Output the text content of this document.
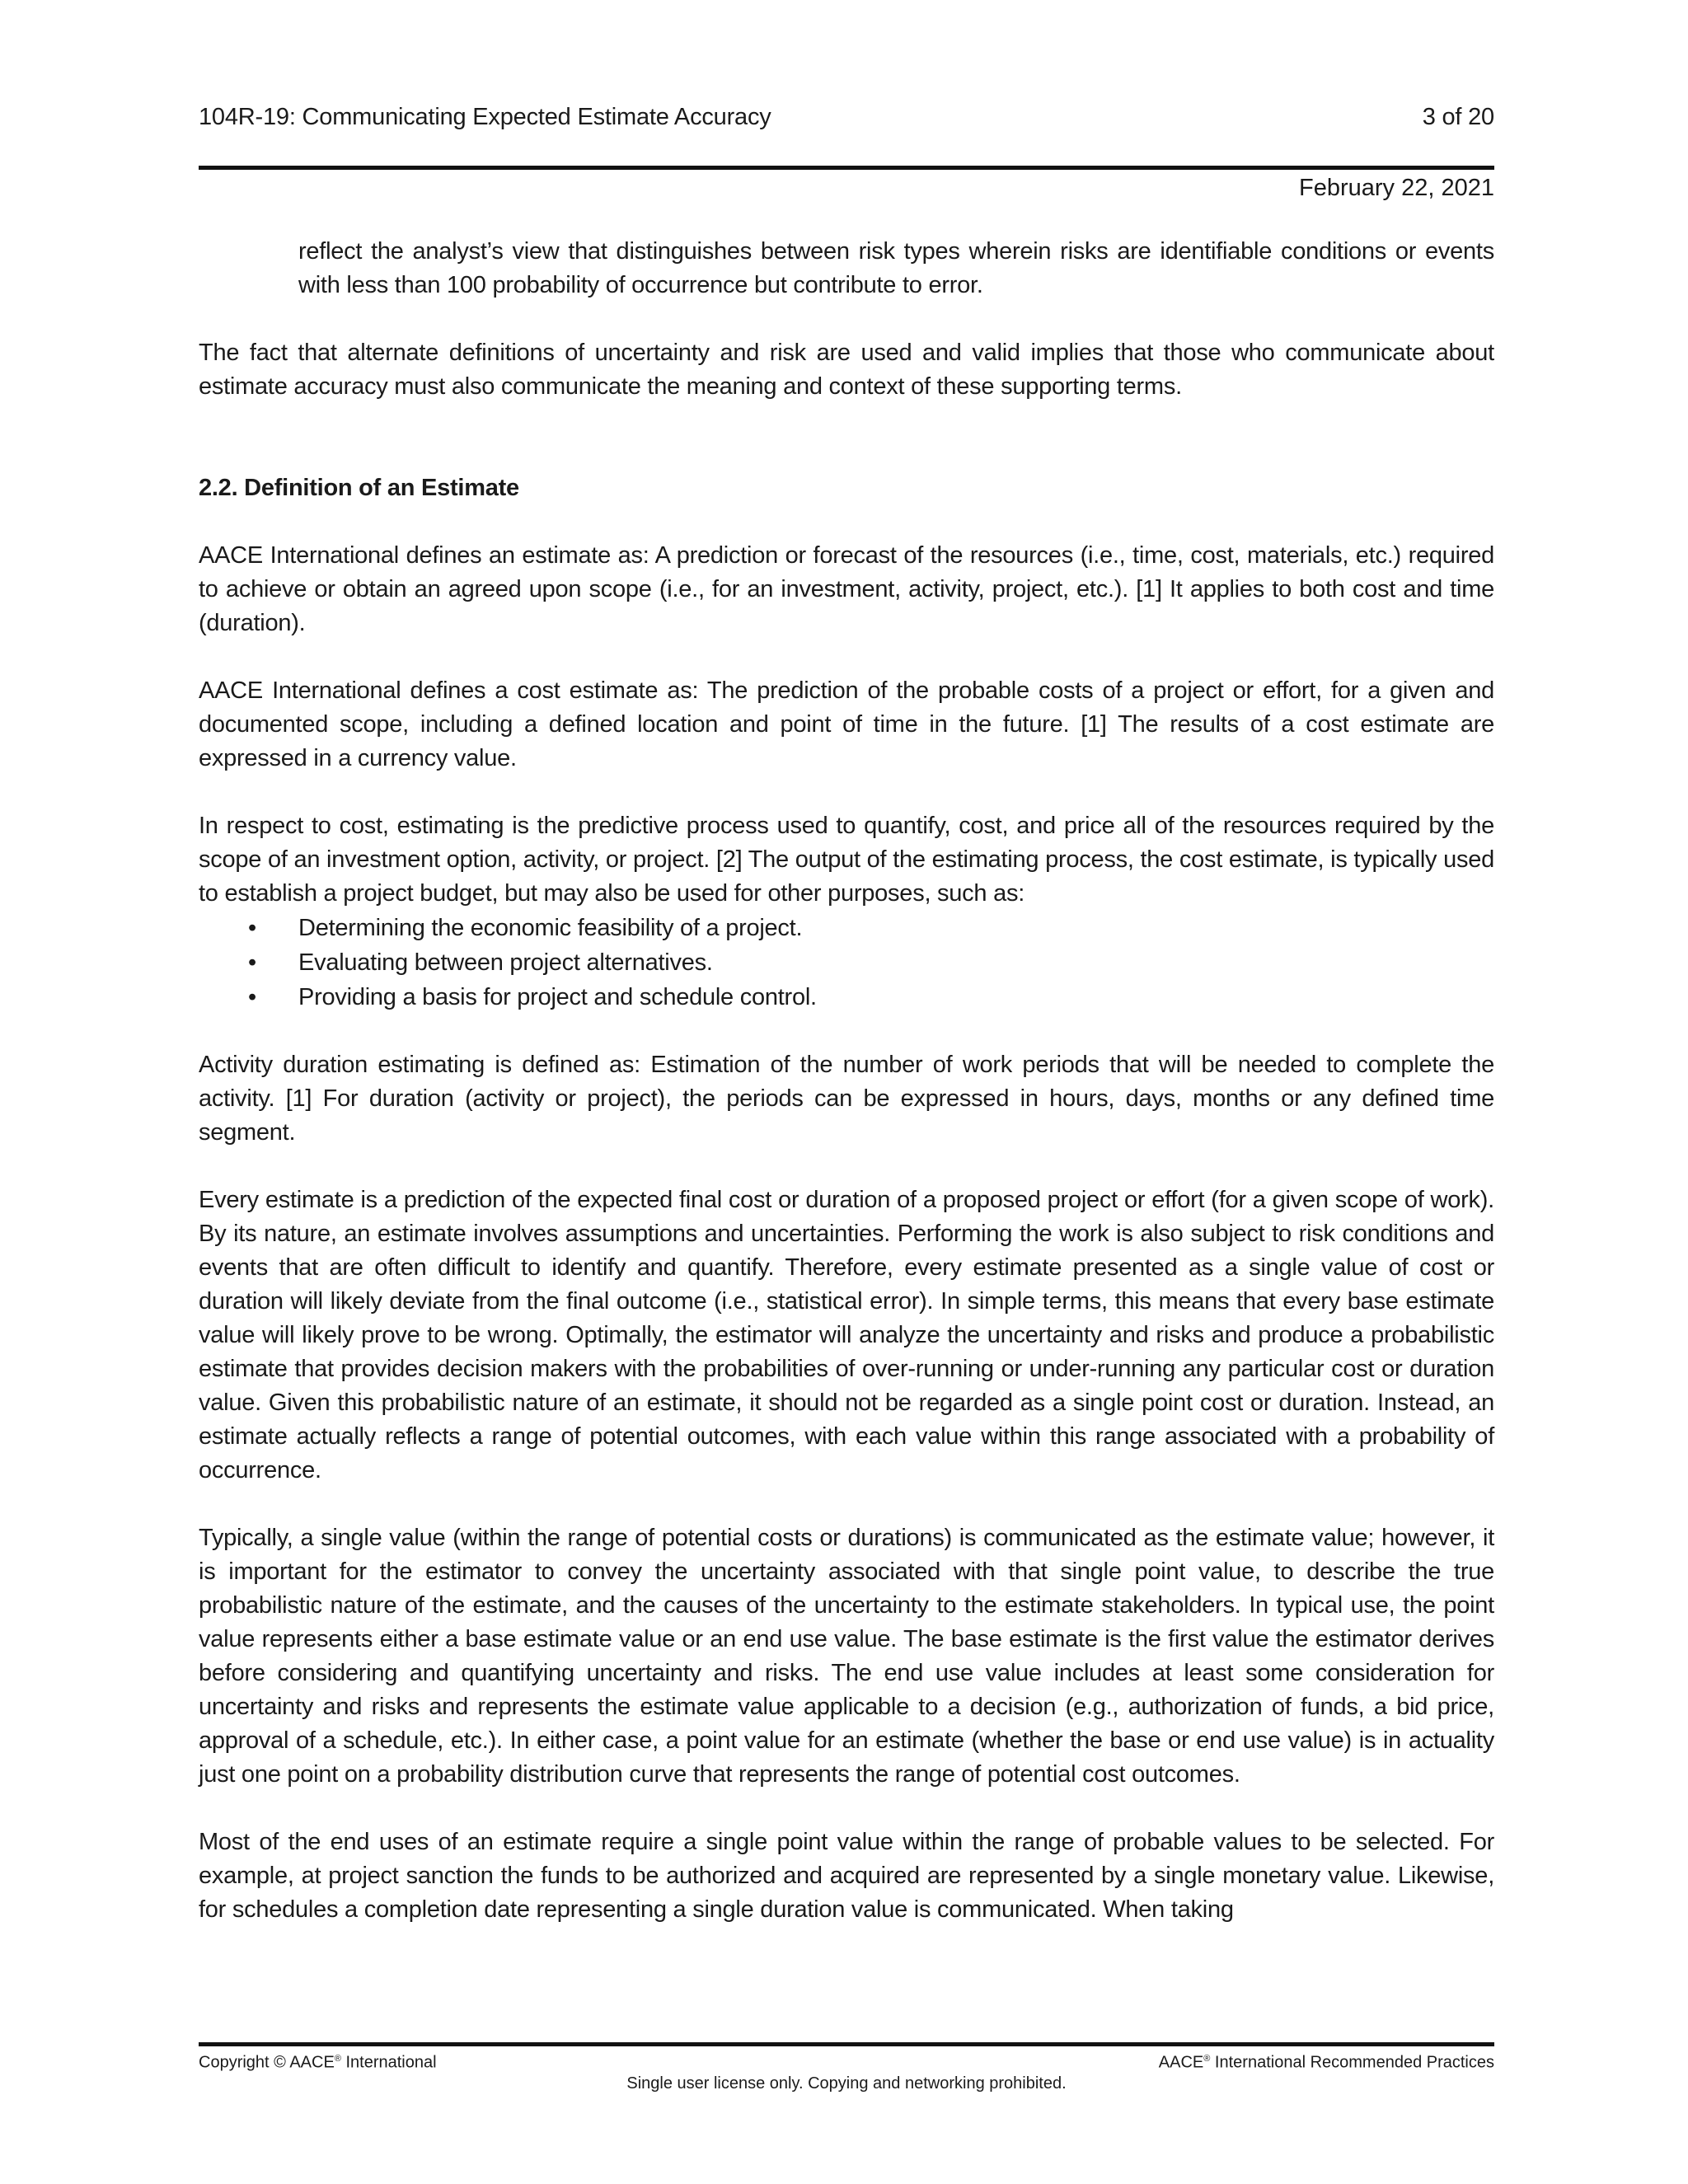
104R-19: Communicating Expected Estimate Accuracy	3 of 20
February 22, 2021

reflect the analyst’s view that distinguishes between risk types wherein risks are identifiable conditions or events with less than 100 probability of occurrence but contribute to error.

The fact that alternate definitions of uncertainty and risk are used and valid implies that those who communicate about estimate accuracy must also communicate the meaning and context of these supporting terms.

2.2. Definition of an Estimate

AACE International defines an estimate as: A prediction or forecast of the resources (i.e., time, cost, materials, etc.) required to achieve or obtain an agreed upon scope (i.e., for an investment, activity, project, etc.). [1] It applies to both cost and time (duration).

AACE International defines a cost estimate as: The prediction of the probable costs of a project or effort, for a given and documented scope, including a defined location and point of time in the future. [1] The results of a cost estimate are expressed in a currency value.

In respect to cost, estimating is the predictive process used to quantify, cost, and price all of the resources required by the scope of an investment option, activity, or project. [2] The output of the estimating process, the cost estimate, is typically used to establish a project budget, but may also be used for other purposes, such as:

• Determining the economic feasibility of a project.
• Evaluating between project alternatives.
• Providing a basis for project and schedule control.

Activity duration estimating is defined as: Estimation of the number of work periods that will be needed to complete the activity. [1] For duration (activity or project), the periods can be expressed in hours, days, months or any defined time segment.

Every estimate is a prediction of the expected final cost or duration of a proposed project or effort (for a given scope of work). By its nature, an estimate involves assumptions and uncertainties. Performing the work is also subject to risk conditions and events that are often difficult to identify and quantify. Therefore, every estimate presented as a single value of cost or duration will likely deviate from the final outcome (i.e., statistical error). In simple terms, this means that every base estimate value will likely prove to be wrong. Optimally, the estimator will analyze the uncertainty and risks and produce a probabilistic estimate that provides decision makers with the probabilities of over-running or under-running any particular cost or duration value. Given this probabilistic nature of an estimate, it should not be regarded as a single point cost or duration. Instead, an estimate actually reflects a range of potential outcomes, with each value within this range associated with a probability of occurrence.

Typically, a single value (within the range of potential costs or durations) is communicated as the estimate value; however, it is important for the estimator to convey the uncertainty associated with that single point value, to describe the true probabilistic nature of the estimate, and the causes of the uncertainty to the estimate stakeholders. In typical use, the point value represents either a base estimate value or an end use value. The base estimate is the first value the estimator derives before considering and quantifying uncertainty and risks. The end use value includes at least some consideration for uncertainty and risks and represents the estimate value applicable to a decision (e.g., authorization of funds, a bid price, approval of a schedule, etc.). In either case, a point value for an estimate (whether the base or end use value) is in actuality just one point on a probability distribution curve that represents the range of potential cost outcomes.

Most of the end uses of an estimate require a single point value within the range of probable values to be selected. For example, at project sanction the funds to be authorized and acquired are represented by a single monetary value. Likewise, for schedules a completion date representing a single duration value is communicated. When taking

Copyright © AACE® International	AACE® International Recommended Practices
Single user license only. Copying and networking prohibited.
